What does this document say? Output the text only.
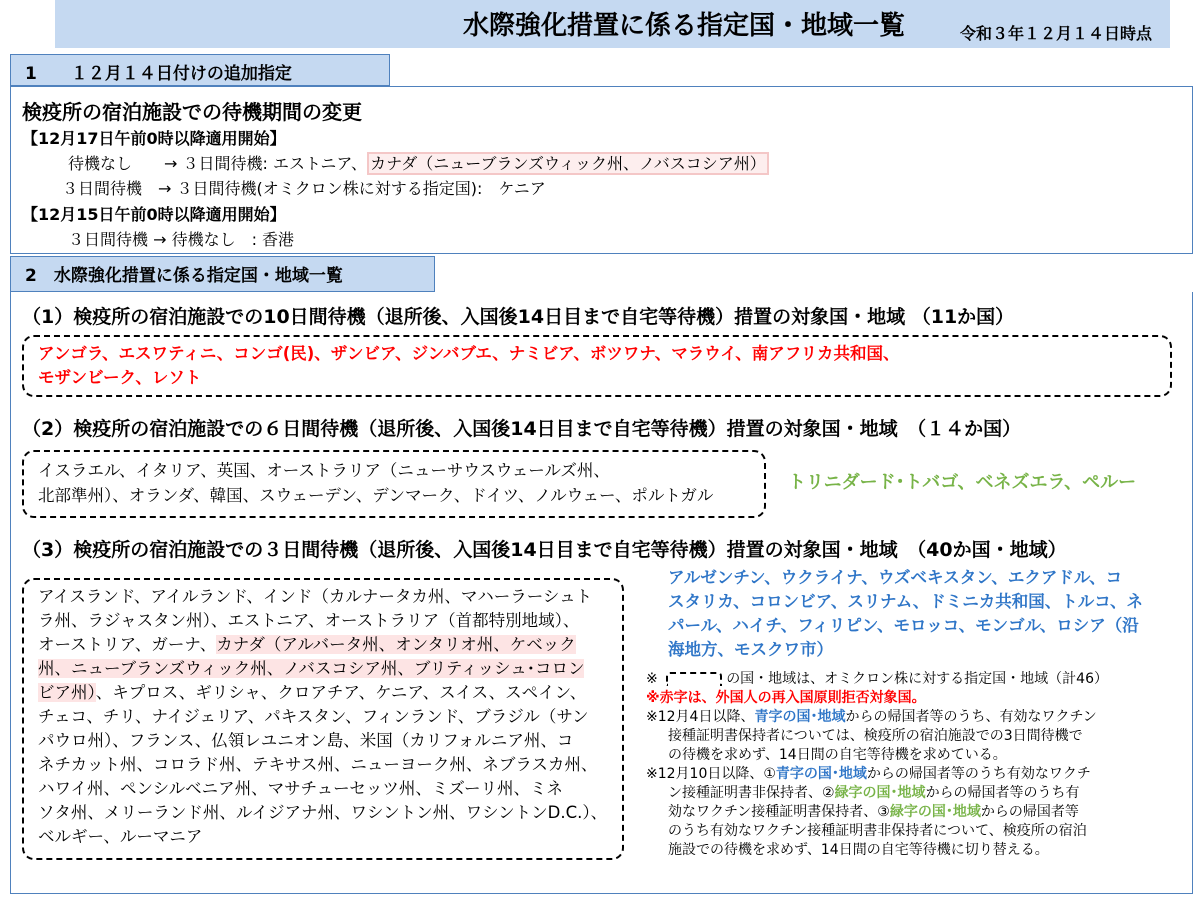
水際強化措置に係る指定国・地域一覧	令和３年１２月１４日時点
1　　１２月１４日付けの追加指定
検疫所の宿泊施設での待機期間の変更
【12月17日午前0時以降適用開始】
待機なし　　→ ３日間待機: エストニア、 カナダ（ニューブランズウィック州、ノバスコシア州）
３日間待機　→ ３日間待機(オミクロン株に対する指定国):　ケニア
【12月15日午前0時以降適用開始】
３日間待機 → 待機なし　: 香港
2　水際強化措置に係る指定国・地域一覧
（1）検疫所の宿泊施設での10日間待機（退所後、入国後14日目まで自宅等待機）措置の対象国・地域 （11か国）
アンゴラ、エスワティニ、コンゴ(民)、ザンビア、ジンバブエ、ナミビア、ボツワナ、マラウイ、南アフリカ共和国、
モザンビーク、レソト
（2）検疫所の宿泊施設での６日間待機（退所後、入国後14日目まで自宅等待機）措置の対象国・地域　（１４か国）
イスラエル、イタリア、英国、オーストラリア（ニューサウスウェールズ州、
北部準州）、オランダ、韓国、スウェーデン、デンマーク、ドイツ、ノルウェー、ポルトガル
トリニダード･トバゴ、ベネズエラ、ペルー
（3）検疫所の宿泊施設での３日間待機（退所後、入国後14日目まで自宅等待機）措置の対象国・地域　（40か国・地域）
アイスランド、アイルランド、インド（カルナータカ州、マハーラーシュト
ラ州、ラジャスタン州）、エストニア、オーストラリア（首都特別地域）、
オーストリア、ガーナ、カナダ（アルバータ州、オンタリオ州、ケベック
州、ニューブランズウィック州、ノバスコシア州、ブリティッシュ･コロン
ビア州）、キプロス、ギリシャ、クロアチア、ケニア、スイス、スペイン、
チェコ、チリ、ナイジェリア、パキスタン、フィンランド、ブラジル（サン
パウロ州）、フランス、仏領レユニオン島、米国（カリフォルニア州、コ
ネチカット州、コロラド州、テキサス州、ニューヨーク州、ネブラスカ州、
ハワイ州、ペンシルベニア州、マサチューセッツ州、ミズーリ州、ミネ
ソタ州、メリーランド州、ルイジアナ州、ワシントン州、ワシントンD.C.）、
ベルギー、ルーマニア
アルゼンチン、ウクライナ、ウズベキスタン、エクアドル、コ
スタリカ、コロンビア、スリナム、ドミニカ共和国、トルコ、ネ
パール、ハイチ、フィリピン、モロッコ、モンゴル、ロシア（沿
海地方、モスクワ市）
※	の国・地域は、オミクロン株に対する指定国・地域（計46）
※赤字は、外国人の再入国原則拒否対象国。
※12月4日以降、青字の国･地域からの帰国者等のうち、有効なワクチン
接種証明書保持者については、検疫所の宿泊施設での3日間待機で
の待機を求めず、14日間の自宅等待機を求めている。
※12月10日以降、①青字の国･地域からの帰国者等のうち有効なワクチ
ン接種証明書非保持者、②緑字の国･地域からの帰国者等のうち有
効なワクチン接種証明書保持者、③緑字の国･地域からの帰国者等
のうち有効なワクチン接種証明書非保持者について、検疫所の宿泊
施設での待機を求めず、14日間の自宅等待機に切り替える。
